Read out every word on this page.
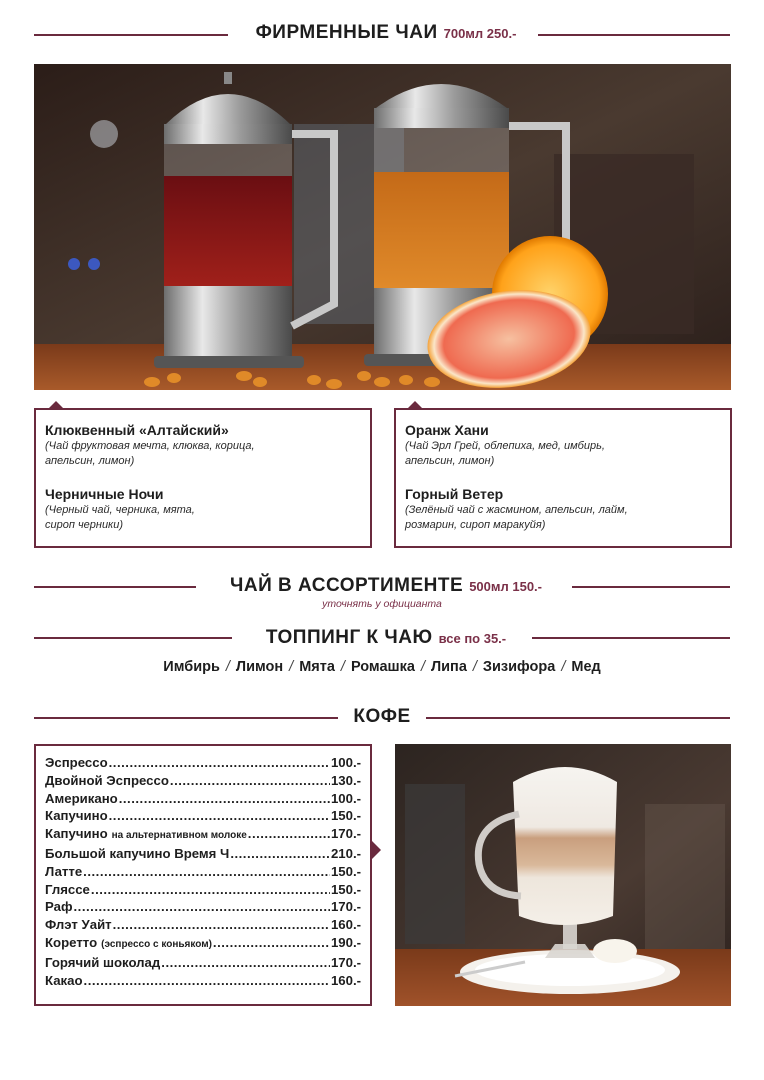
ФИРМЕННЫЕ ЧАИ 700мл 250.-
Клюквенный «Алтайский»
(Чай фруктовая мечта, клюква, корица,
апельсин, лимон)
Черничные Ночи
(Черный чай, черника, мята,
сироп черники)
Оранж Хани
(Чай Эрл Грей, облепиха, мед, имбирь,
апельсин, лимон)
Горный Ветер
(Зелёный чай с жасмином, апельсин, лайм,
розмарин, сироп маракуйя)
ЧАЙ В АССОРТИМЕНТЕ 500мл 150.-
уточнять у официанта
ТОППИНГ К ЧАЮ все по 35.-
Имбирь / Лимон / Мята / Ромашка / Липа / Зизифора / Мед
КОФЕ
Эспрессо .....	100.-
Двойной Эспрессо .....	130.-
Американо .....	100.-
Капучино .....	150.-
Капучино на альтернативном молоке .....	170.-
Большой капучино Время Ч .....	210.-
Латте .....	150.-
Гляссе .....	150.-
Раф .....	170.-
Флэт Уайт .....	160.-
Коретто (эспрессо с коньяком) .....	190.-
Горячий шоколад .....	170.-
Какао .....	160.-
